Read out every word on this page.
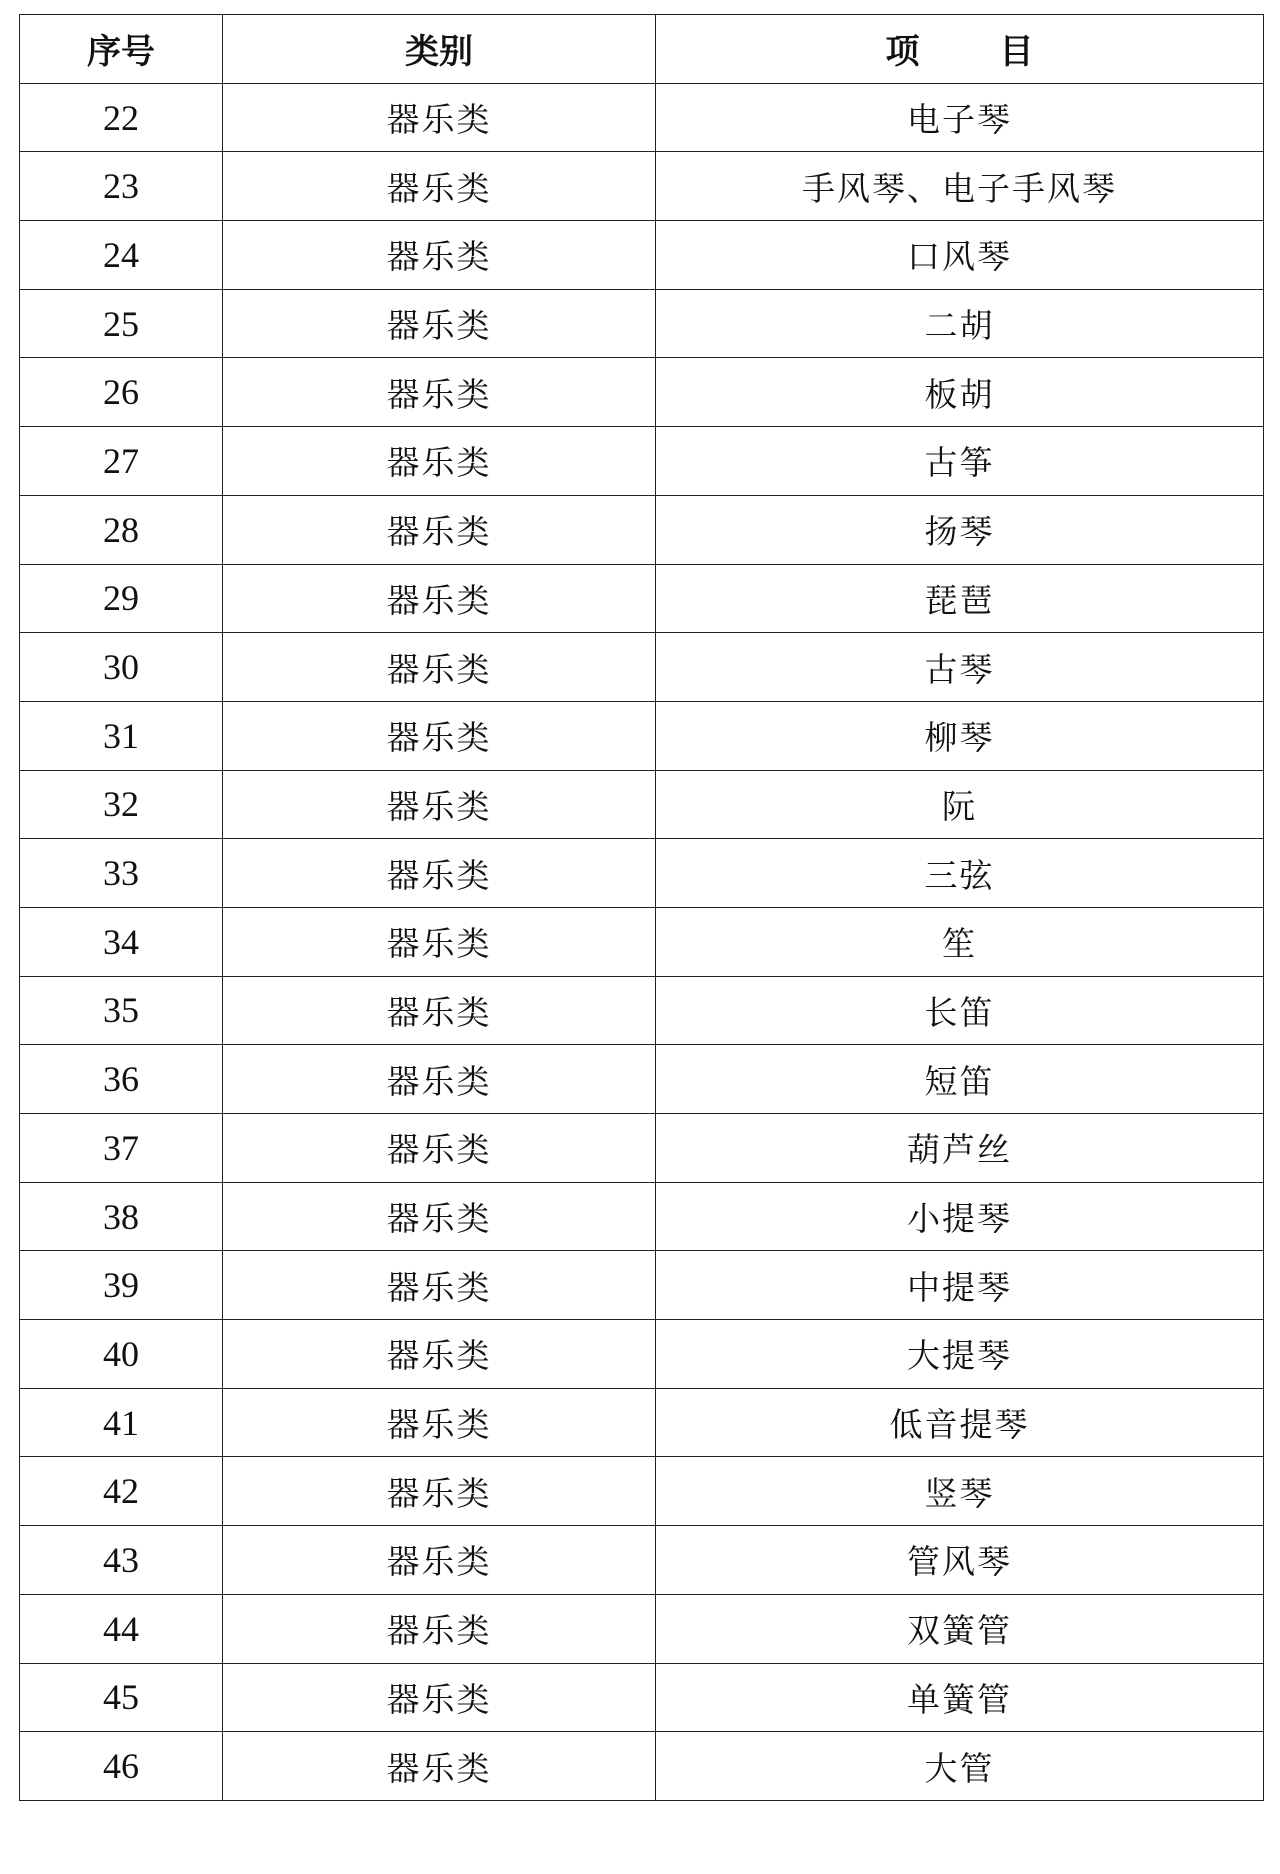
序号	类别	项 目
22	器乐类	电子琴
23	器乐类	手风琴、电子手风琴
24	器乐类	口风琴
25	器乐类	二胡
26	器乐类	板胡
27	器乐类	古筝
28	器乐类	扬琴
29	器乐类	琵琶
30	器乐类	古琴
31	器乐类	柳琴
32	器乐类	阮
33	器乐类	三弦
34	器乐类	笙
35	器乐类	长笛
36	器乐类	短笛
37	器乐类	葫芦丝
38	器乐类	小提琴
39	器乐类	中提琴
40	器乐类	大提琴
41	器乐类	低音提琴
42	器乐类	竖琴
43	器乐类	管风琴
44	器乐类	双簧管
45	器乐类	单簧管
46	器乐类	大管
